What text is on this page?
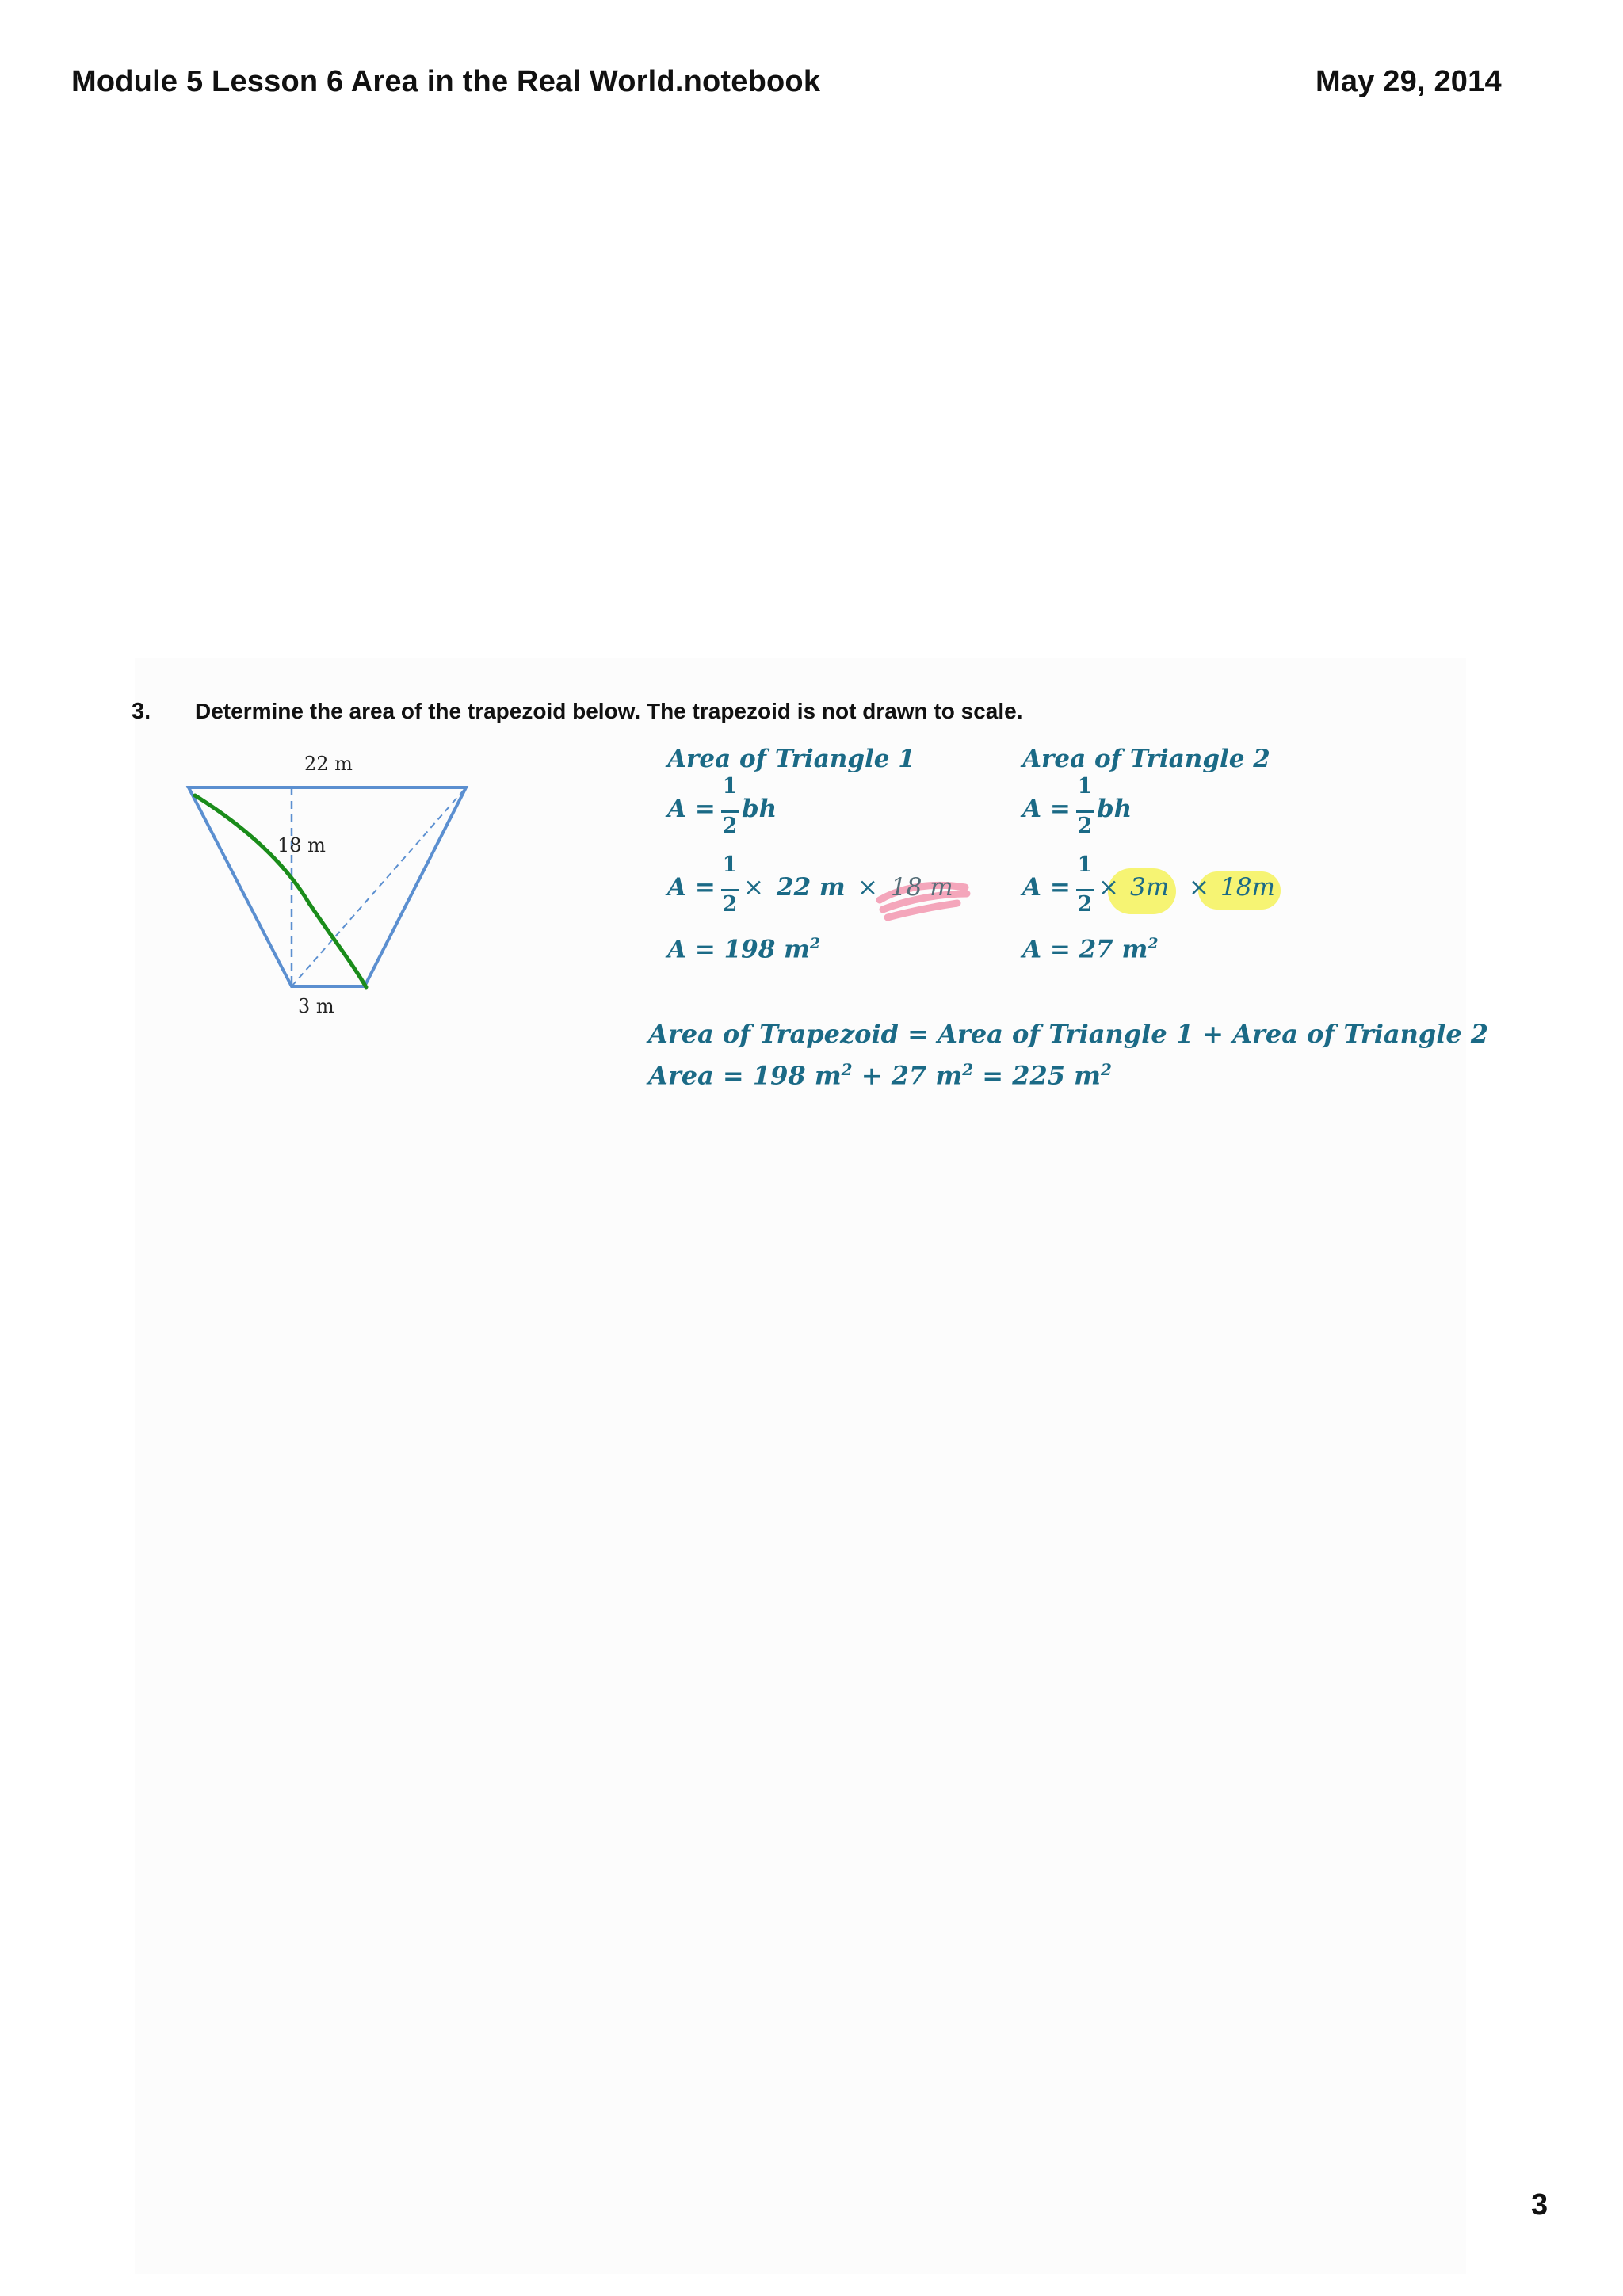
Module 5 Lesson 6 Area in the Real World.notebook	May 29, 2014
3. Determine the area of the trapezoid below. The trapezoid is not drawn to scale.
22 m
18 m
3 m
Area of Triangle 1
A =
1
2
bh
A =
1
2
× 22 m × 18 m
A = 198 $m^2$
Area of Triangle 2
A =
1
2
bh
A =
1
2
× 3m × 18m
A = 27 $m^2$
Area of Trapezoid = Area of Triangle 1 + Area of Triangle 2
Area = 198 $m^2 + 27$ $m^2 = 225$ $m^2$
3
